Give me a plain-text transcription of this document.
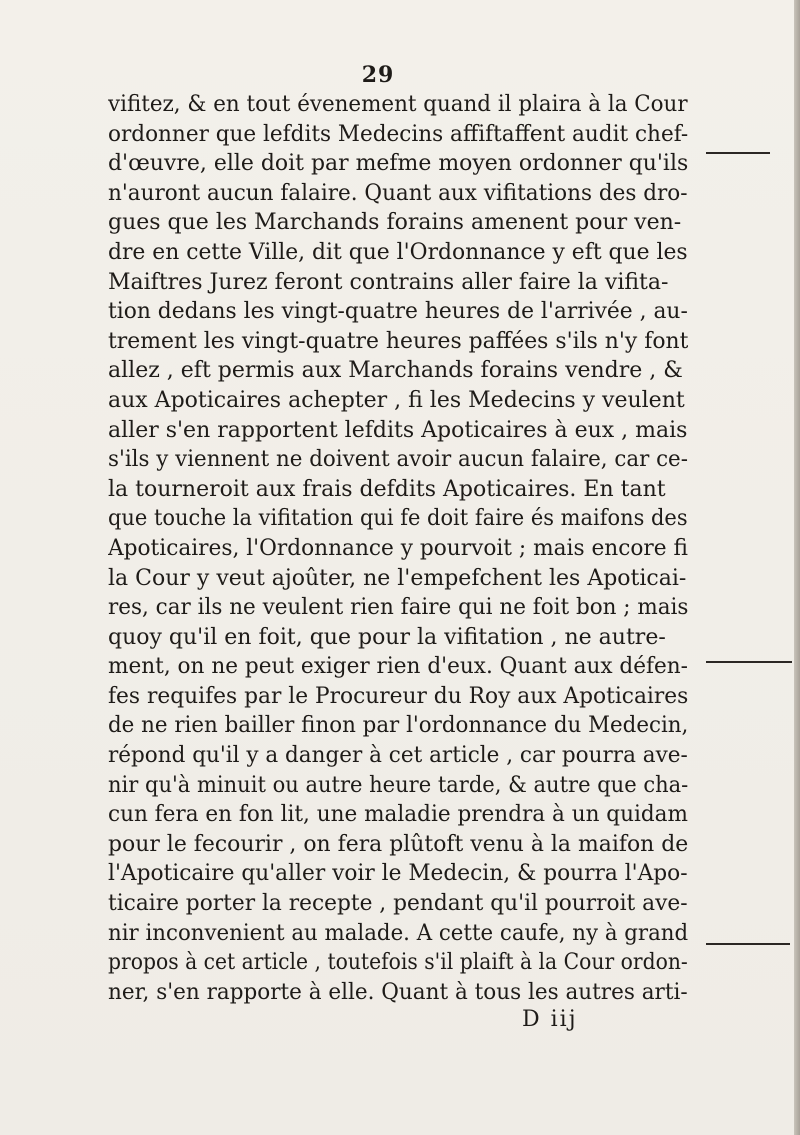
29
vifitez, & en tout évenement quand il plaira à la Cour
ordonner que lefdits Medecins affiftaffent audit chef-
d'œuvre, elle doit par mefme moyen ordonner qu'ils
n'auront aucun falaire. Quant aux vifitations des dro-
gues que les Marchands forains amenent pour ven-
dre en cette Ville, dit que l'Ordonnance y eft que les
Maiftres Jurez feront contrains aller faire la vifita-
tion dedans les vingt-quatre heures de l'arrivée , au-
trement les vingt-quatre heures paffées s'ils n'y font
allez , eft permis aux Marchands forains vendre , &
aux Apoticaires achepter , fi les Medecins y veulent
aller s'en rapportent lefdits Apoticaires à eux , mais
s'ils y viennent ne doivent avoir aucun falaire, car ce-
la tourneroit aux frais defdits Apoticaires. En tant
que touche la vifitation qui fe doit faire és maifons des
Apoticaires, l'Ordonnance y pourvoit ; mais encore fi
la Cour y veut ajoûter, ne l'empefchent les Apoticai-
res, car ils ne veulent rien faire qui ne foit bon ; mais
quoy qu'il en foit, que pour la vifitation , ne autre-
ment, on ne peut exiger rien d'eux. Quant aux défen-
fes requifes par le Procureur du Roy aux Apoticaires
de ne rien bailler finon par l'ordonnance du Medecin,
répond qu'il y a danger à cet article , car pourra ave-
nir qu'à minuit ou autre heure tarde, & autre que cha-
cun fera en fon lit, une maladie prendra à un quidam
pour le fecourir , on fera plûtoft venu à la maifon de
l'Apoticaire qu'aller voir le Medecin, & pourra l'Apo-
ticaire porter la recepte , pendant qu'il pourroit ave-
nir inconvenient au malade. A cette caufe, ny à grand
propos à cet article , toutefois s'il plaift à la Cour ordon-
ner, s'en rapporte à elle. Quant à tous les autres arti-
D iij
